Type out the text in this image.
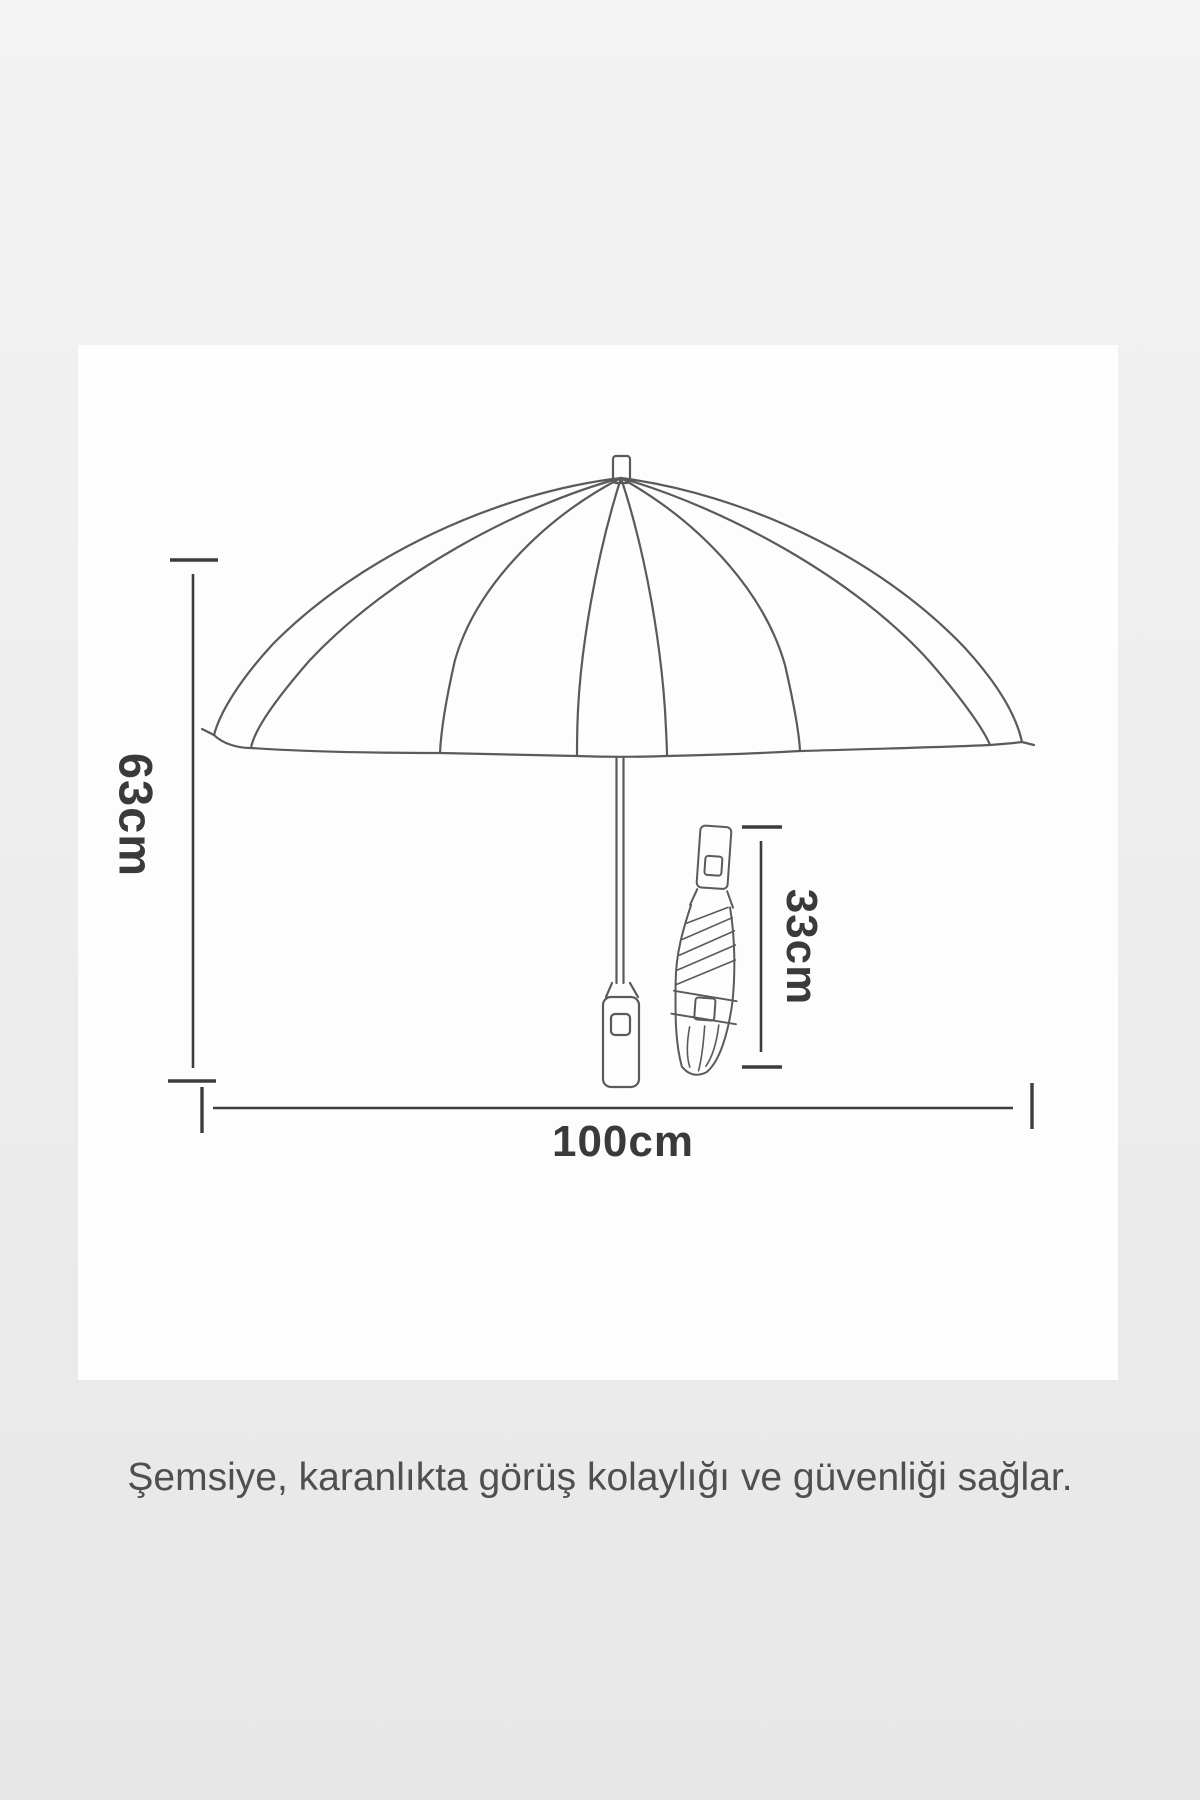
63cm
33cm
100cm
Şemsiye, karanlıkta görüş kolaylığı ve güvenliği sağlar.
